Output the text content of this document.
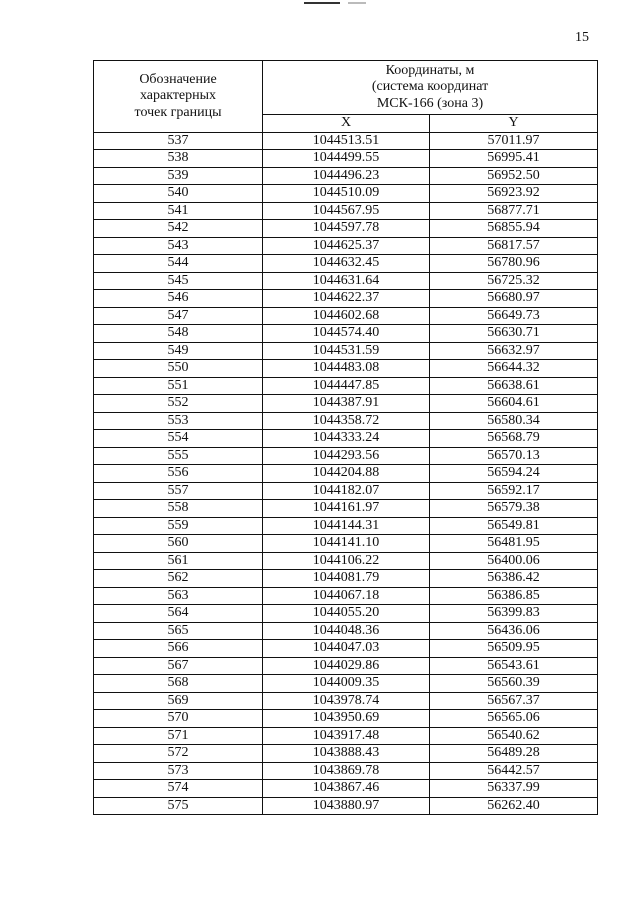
15
Обозначение
характерных
точек границы	Координаты, м
(система координат
МСК-166 (зона 3)	

	X	Y
537	1044513.51	57011.97
538	1044499.55	56995.41
539	1044496.23	56952.50
540	1044510.09	56923.92
541	1044567.95	56877.71
542	1044597.78	56855.94
543	1044625.37	56817.57
544	1044632.45	56780.96
545	1044631.64	56725.32
546	1044622.37	56680.97
547	1044602.68	56649.73
548	1044574.40	56630.71
549	1044531.59	56632.97
550	1044483.08	56644.32
551	1044447.85	56638.61
552	1044387.91	56604.61
553	1044358.72	56580.34
554	1044333.24	56568.79
555	1044293.56	56570.13
556	1044204.88	56594.24
557	1044182.07	56592.17
558	1044161.97	56579.38
559	1044144.31	56549.81
560	1044141.10	56481.95
561	1044106.22	56400.06
562	1044081.79	56386.42
563	1044067.18	56386.85
564	1044055.20	56399.83
565	1044048.36	56436.06
566	1044047.03	56509.95
567	1044029.86	56543.61
568	1044009.35	56560.39
569	1043978.74	56567.37
570	1043950.69	56565.06
571	1043917.48	56540.62
572	1043888.43	56489.28
573	1043869.78	56442.57
574	1043867.46	56337.99
575	1043880.97	56262.40
